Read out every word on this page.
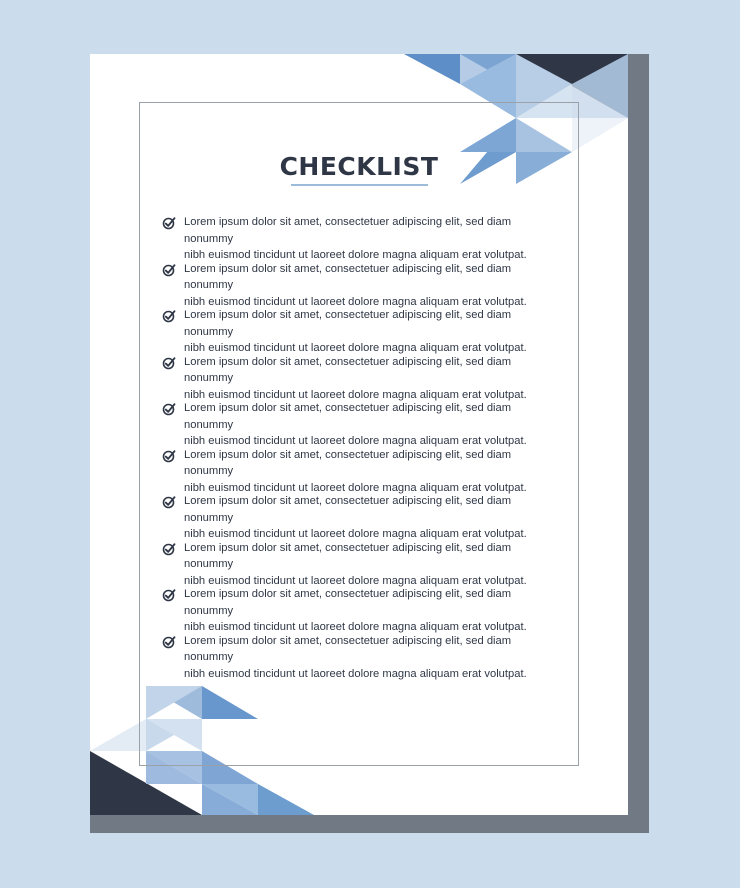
CHECKLIST
Lorem ipsum dolor sit amet, consectetuer adipiscing elit, sed diam nonummy
nibh euismod tincidunt ut laoreet dolore magna aliquam erat volutpat.
Lorem ipsum dolor sit amet, consectetuer adipiscing elit, sed diam nonummy
nibh euismod tincidunt ut laoreet dolore magna aliquam erat volutpat.
Lorem ipsum dolor sit amet, consectetuer adipiscing elit, sed diam nonummy
nibh euismod tincidunt ut laoreet dolore magna aliquam erat volutpat.
Lorem ipsum dolor sit amet, consectetuer adipiscing elit, sed diam nonummy
nibh euismod tincidunt ut laoreet dolore magna aliquam erat volutpat.
Lorem ipsum dolor sit amet, consectetuer adipiscing elit, sed diam nonummy
nibh euismod tincidunt ut laoreet dolore magna aliquam erat volutpat.
Lorem ipsum dolor sit amet, consectetuer adipiscing elit, sed diam nonummy
nibh euismod tincidunt ut laoreet dolore magna aliquam erat volutpat.
Lorem ipsum dolor sit amet, consectetuer adipiscing elit, sed diam nonummy
nibh euismod tincidunt ut laoreet dolore magna aliquam erat volutpat.
Lorem ipsum dolor sit amet, consectetuer adipiscing elit, sed diam nonummy
nibh euismod tincidunt ut laoreet dolore magna aliquam erat volutpat.
Lorem ipsum dolor sit amet, consectetuer adipiscing elit, sed diam nonummy
nibh euismod tincidunt ut laoreet dolore magna aliquam erat volutpat.
Lorem ipsum dolor sit amet, consectetuer adipiscing elit, sed diam nonummy
nibh euismod tincidunt ut laoreet dolore magna aliquam erat volutpat.
